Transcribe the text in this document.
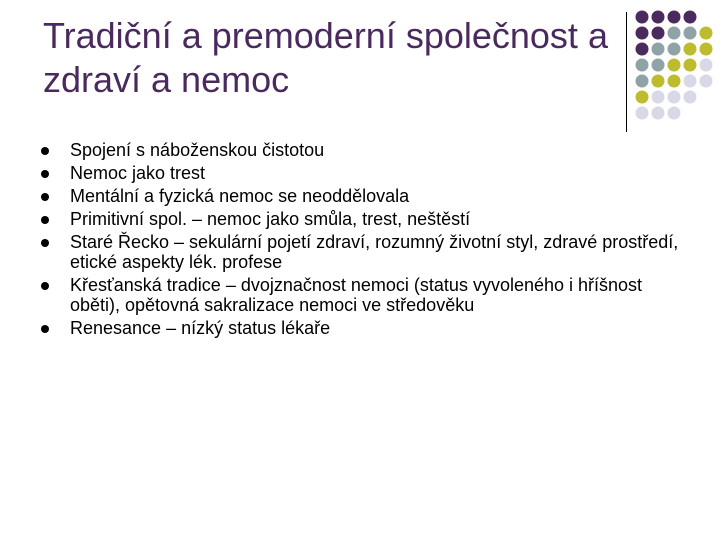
Tradiční a premoderní společnost a zdraví a nemoc
Spojení s náboženskou čistotou
Nemoc jako trest
Mentální a fyzická nemoc se neoddělovala
Primitivní spol. – nemoc jako smůla, trest, neštěstí
Staré Řecko – sekulární pojetí zdraví, rozumný životní styl, zdravé prostředí, etické aspekty lék. profese
Křesťanská tradice – dvojznačnost nemoci (status vyvoleného i hříšnost oběti), opětovná sakralizace nemoci ve středověku
Renesance – nízký status lékaře
